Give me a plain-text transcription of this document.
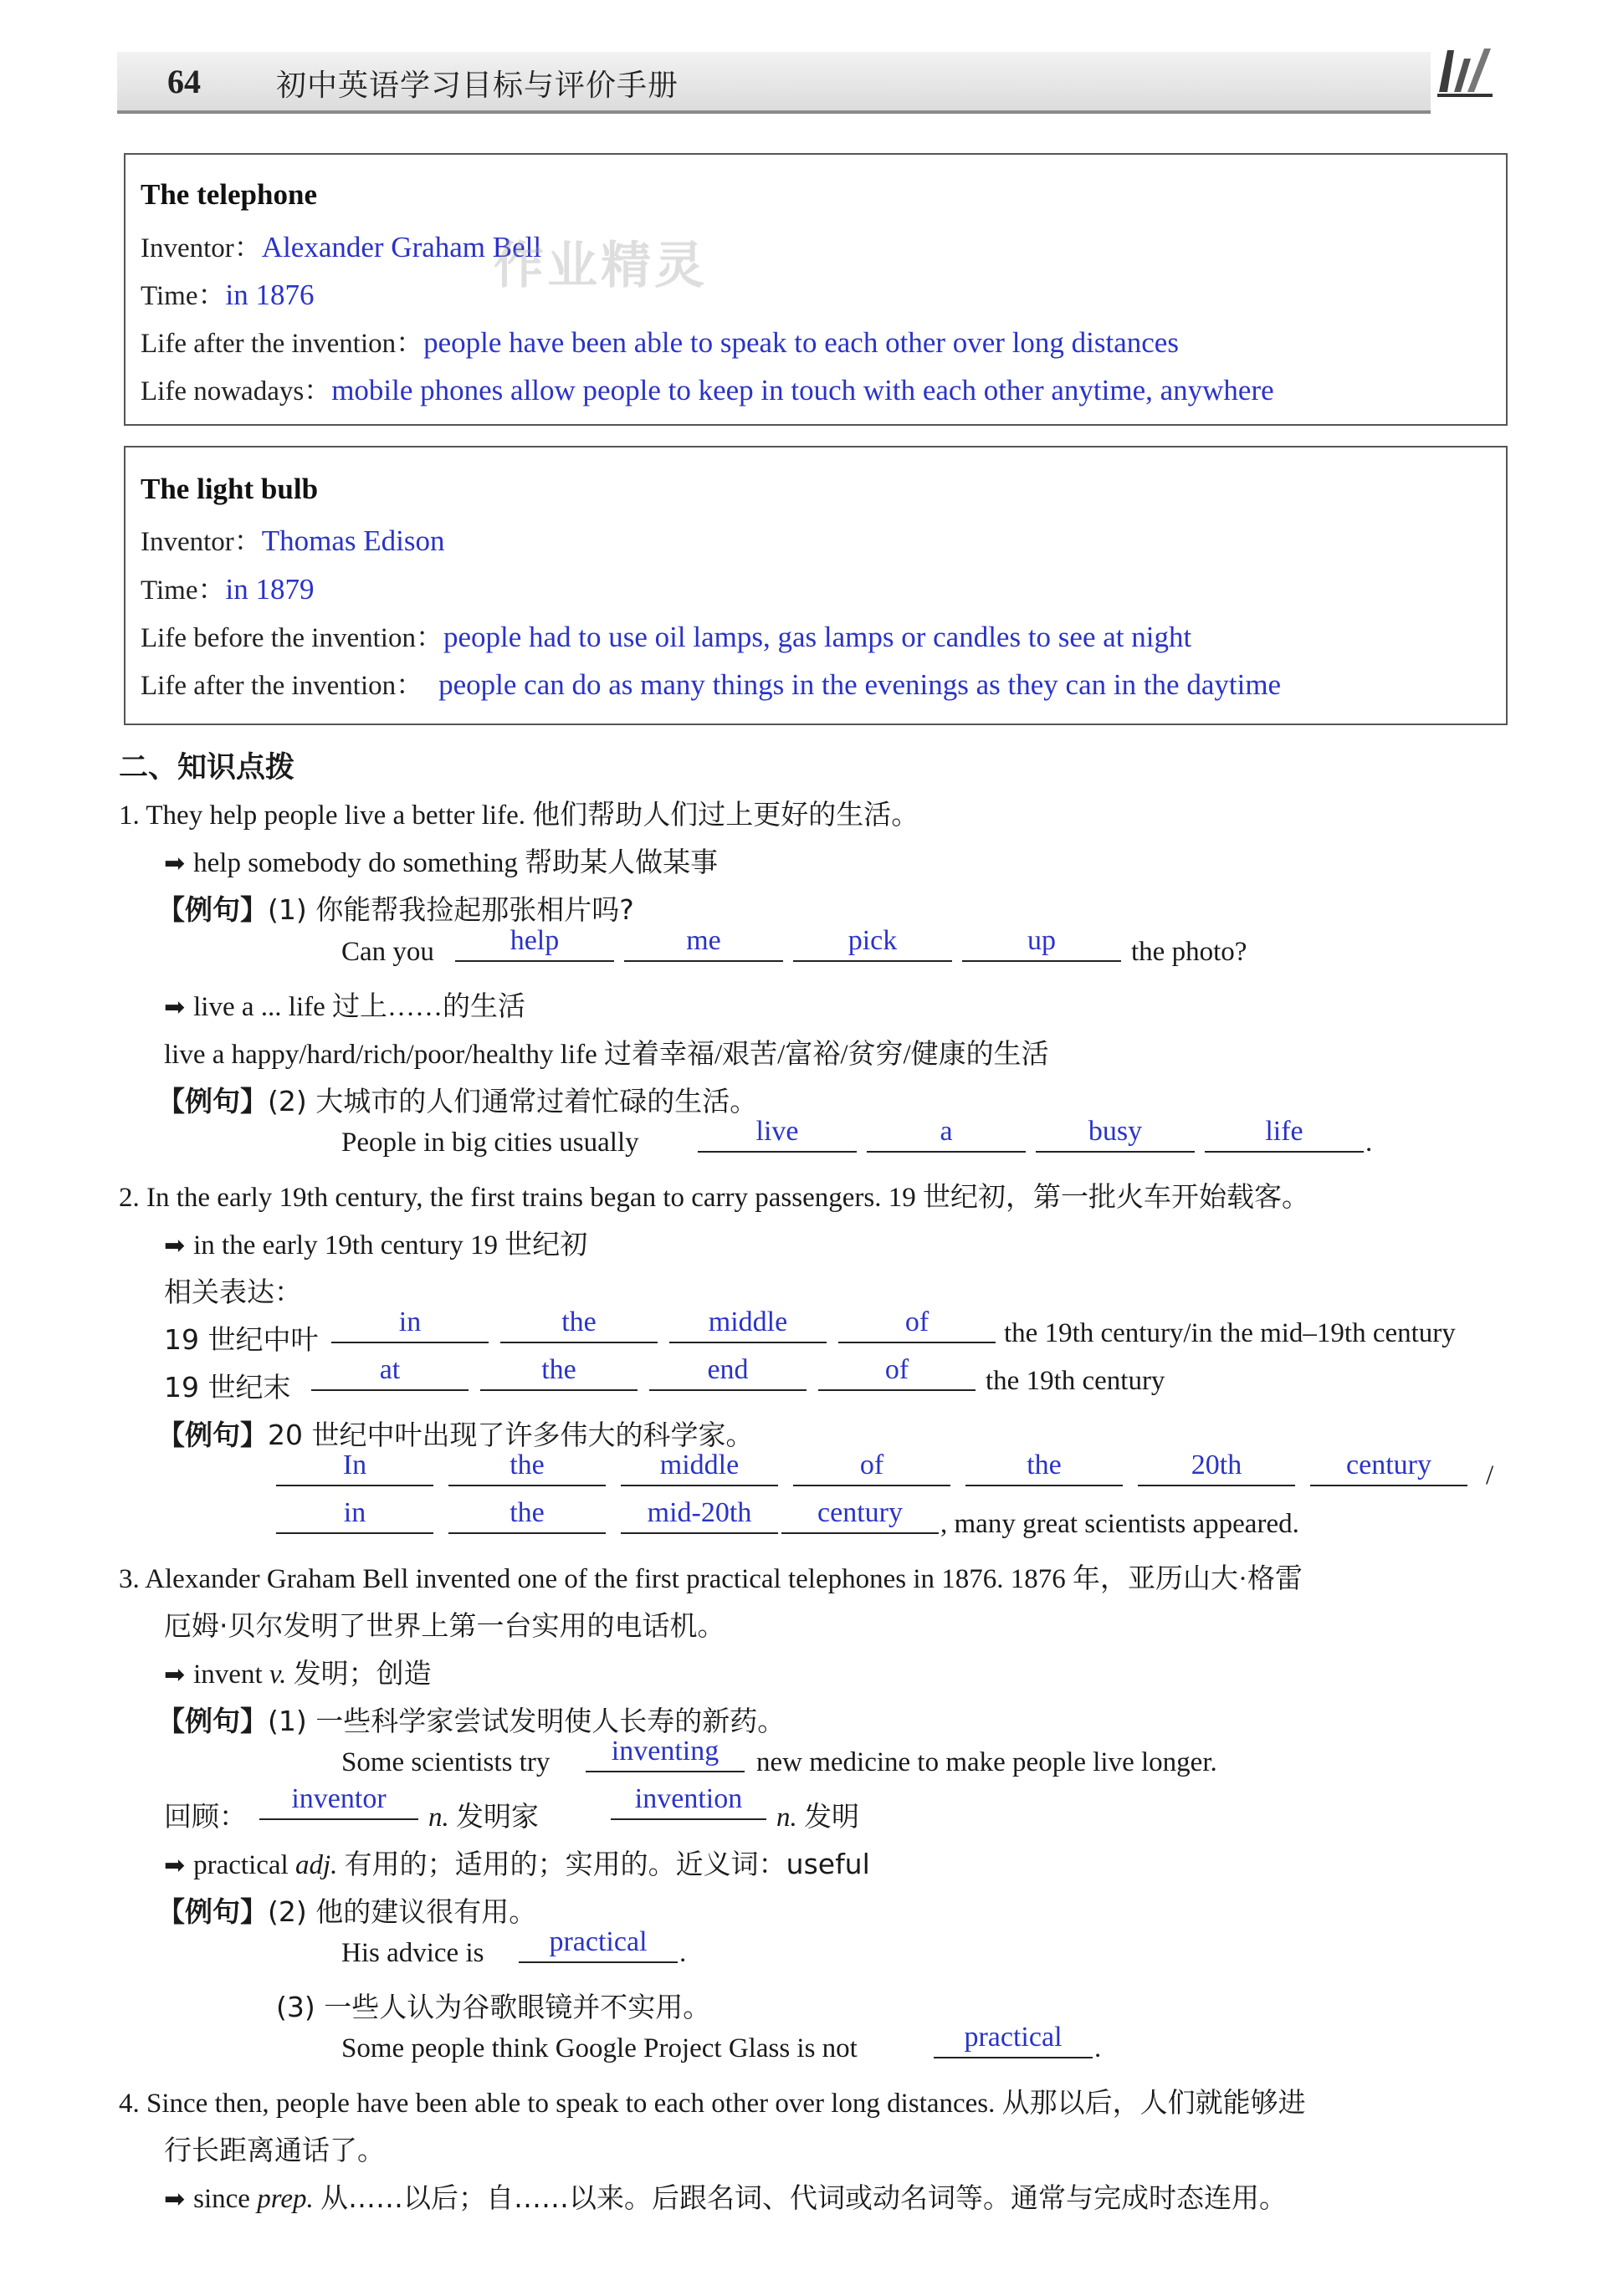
64	初中英语学习目标与评价手册
The telephone
Inventor：Alexander Graham Bell
Time：in 1876
Life after the invention：people have been able to speak to each other over long distances
Life nowadays：mobile phones allow people to keep in touch with each other anytime, anywhere
作业精灵
The light bulb
Inventor：Thomas Edison
Time：in 1879
Life before the invention：people had to use oil lamps, gas lamps or candles to see at night
Life after the invention： people can do as many things in the evenings as they can in the daytime
二、知识点拨
1. They help people live a better life. 他们帮助人们过上更好的生活。
➡ help somebody do something 帮助某人做某事
【例句】(1) 你能帮我捡起那张相片吗?
Can you	help	me	pick	up	the photo?
➡ live a ... life 过上……的生活
live a happy/hard/rich/poor/healthy life 过着幸福/艰苦/富裕/贫穷/健康的生活
【例句】(2) 大城市的人们通常过着忙碌的生活。
People in big cities usually	live	a	busy	life	.
2. In the early 19th century, the first trains began to carry passengers. 19 世纪初，第一批火车开始载客。
➡ in the early 19th century 19 世纪初
相关表达：
19 世纪中叶
in	the	middle	of	the 19th century/in the mid–19th century
19 世纪末
at	the	end	of	the 19th century
【例句】20 世纪中叶出现了许多伟大的科学家。
In	the	middle	of	the	20th	century	/
in	the	mid-20th	century	, many great scientists appeared.
3. Alexander Graham Bell invented one of the first practical telephones in 1876. 1876 年，亚历山大·格雷
厄姆·贝尔发明了世界上第一台实用的电话机。
➡ invent v. 发明；创造
【例句】(1) 一些科学家尝试发明使人长寿的新药。
Some scientists try	inventing	new medicine to make people live longer.
回顾：
inventor
n. 发明家
invention
n. 发明
➡ practical adj. 有用的；适用的；实用的。近义词：useful
【例句】(2) 他的建议很有用。
His advice is	practical	.
(3) 一些人认为谷歌眼镜并不实用。
Some people think Google Project Glass is not	practical	.
4. Since then, people have been able to speak to each other over long distances. 从那以后，人们就能够进
行长距离通话了。
➡ since prep. 从……以后；自……以来。后跟名词、代词或动名词等。通常与完成时态连用。
